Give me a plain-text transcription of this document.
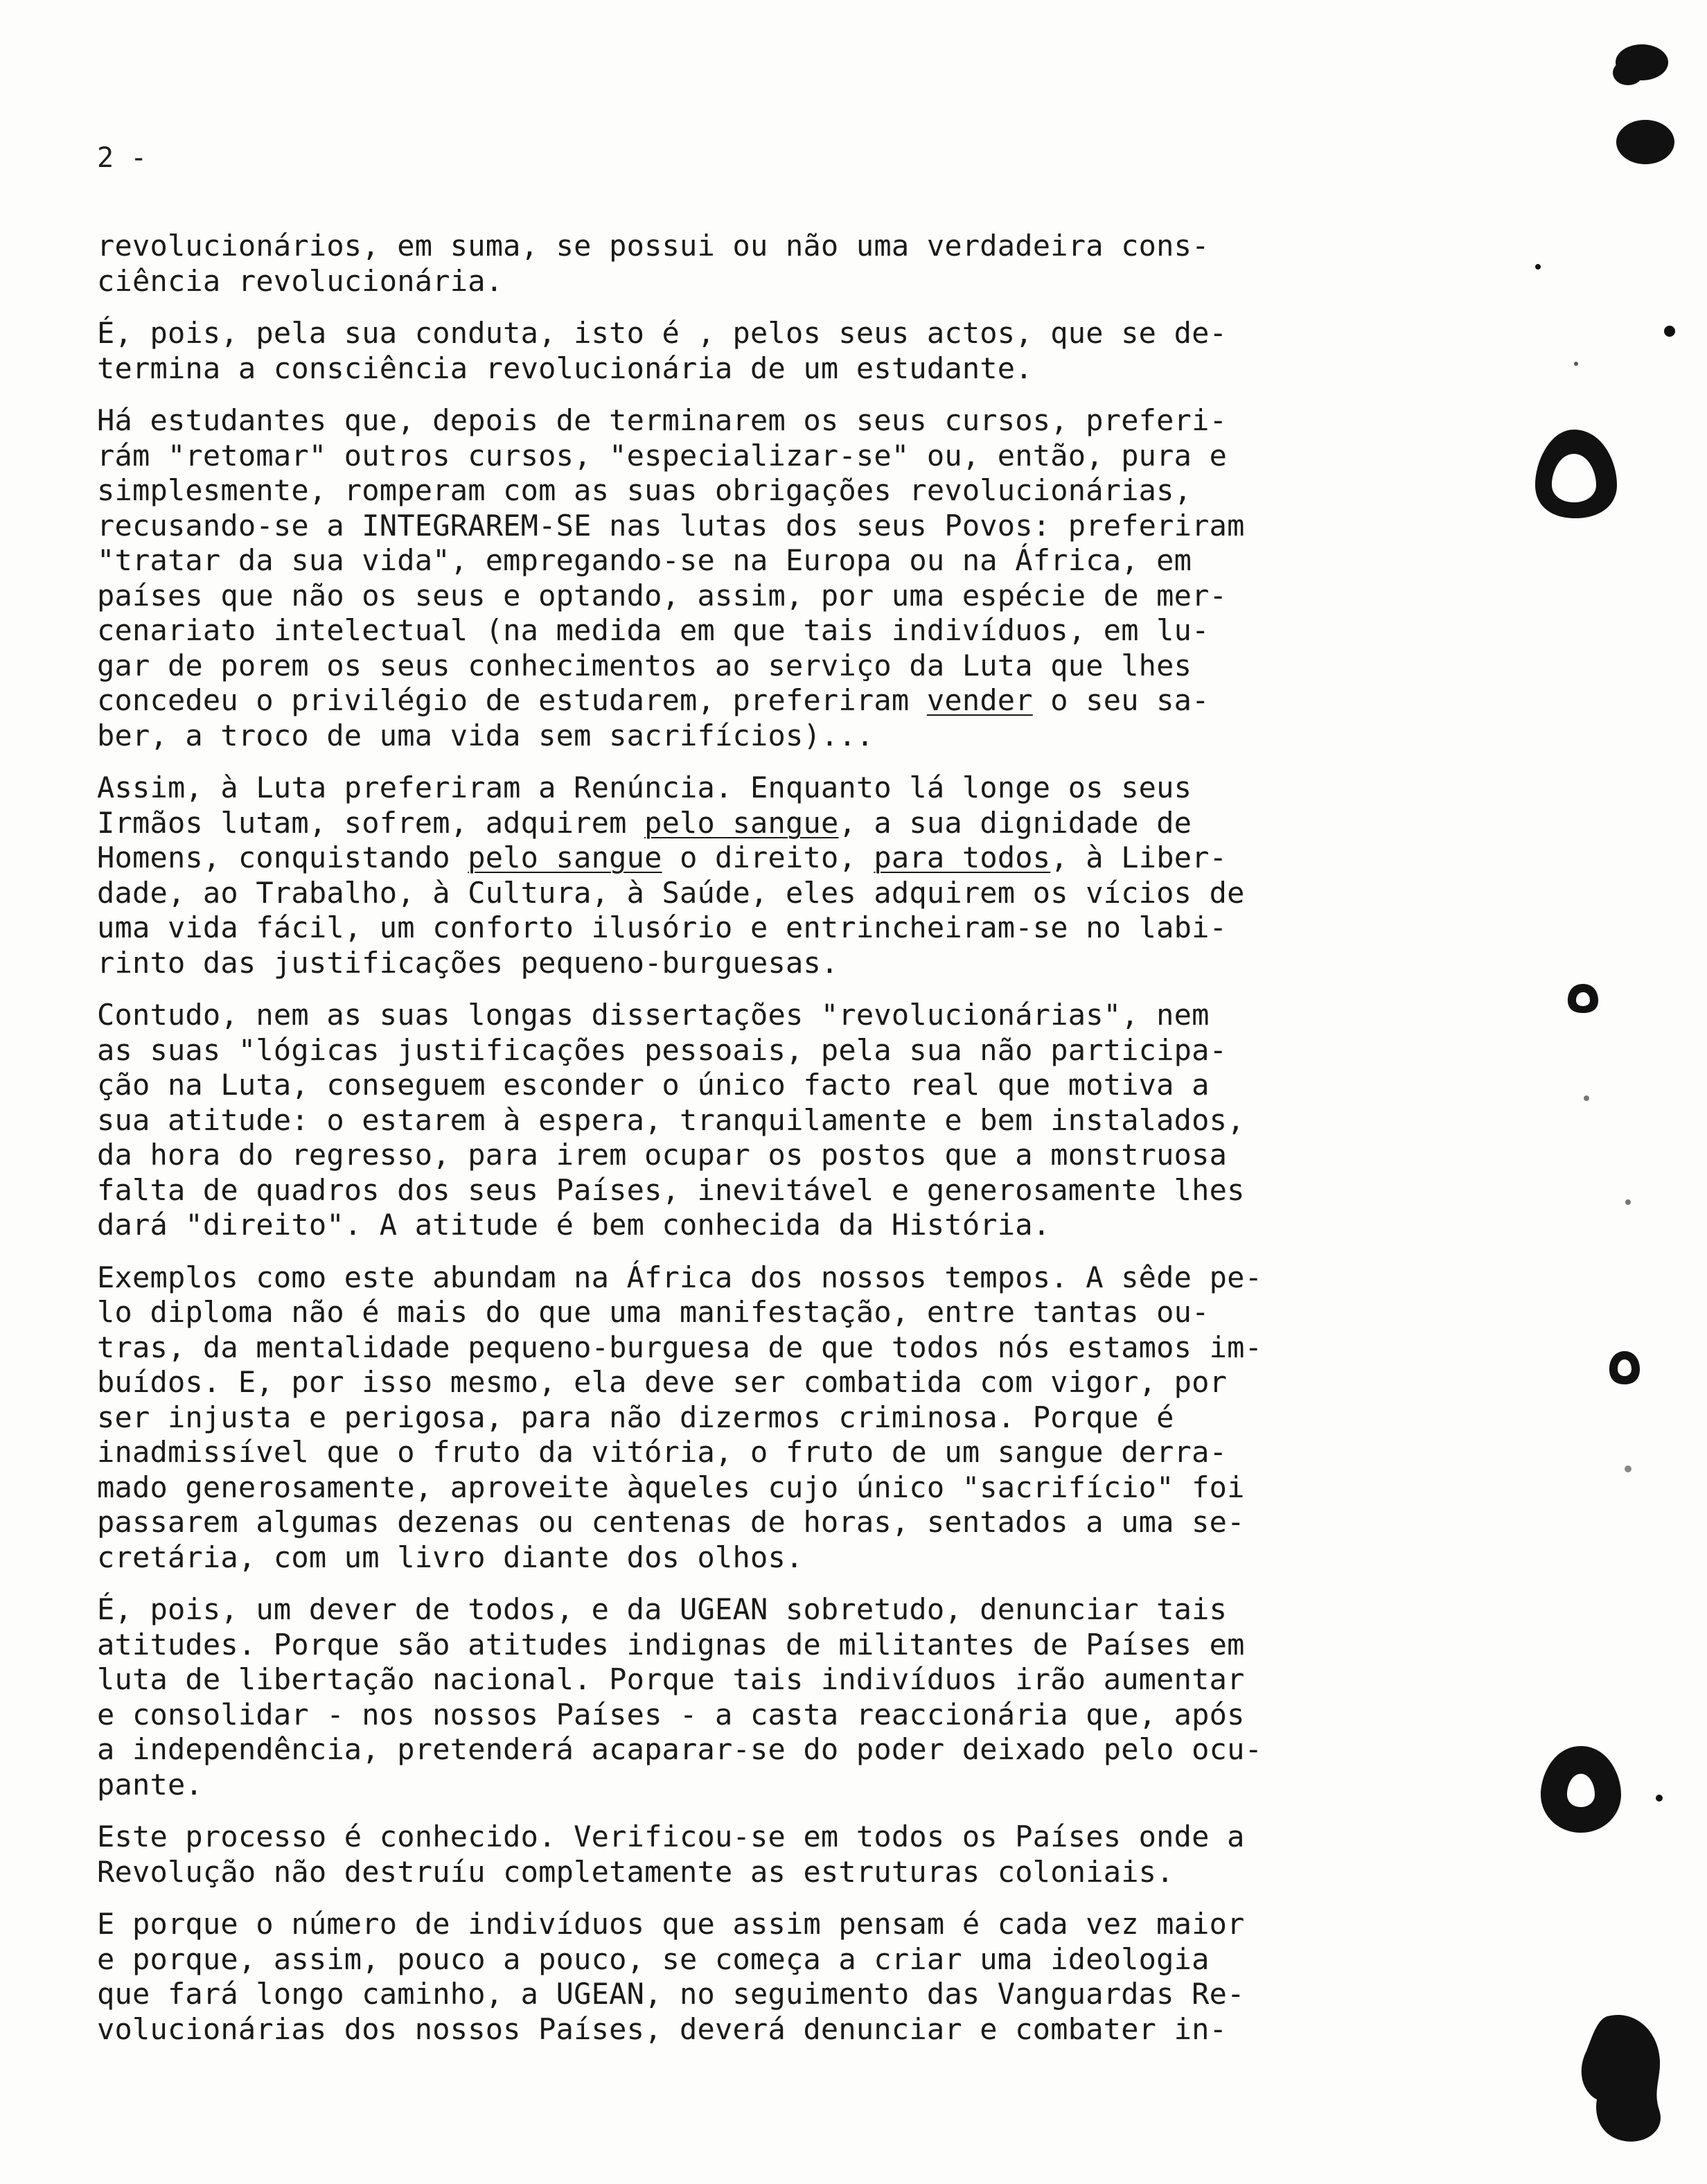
2 -
revolucionários, em suma, se possui ou não uma verdadeira cons-
ciência revolucionária.
É, pois, pela sua conduta, isto é , pelos seus actos, que se de-
termina a consciência revolucionária de um estudante.
Há estudantes que, depois de terminarem os seus cursos, preferi-
rám "retomar" outros cursos, "especializar-se" ou, então, pura e
simplesmente, romperam com as suas obrigações revolucionárias,
recusando-se a INTEGRAREM-SE nas lutas dos seus Povos: preferiram
"tratar da sua vida", empregando-se na Europa ou na África, em
países que não os seus e optando, assim, por uma espécie de mer-
cenariato intelectual (na medida em que tais indivíduos, em lu-
gar de porem os seus conhecimentos ao serviço da Luta que lhes
concedeu o privilégio de estudarem, preferiram vender o seu sa-
ber, a troco de uma vida sem sacrifícios)...
Assim, à Luta preferiram a Renúncia. Enquanto lá longe os seus
Irmãos lutam, sofrem, adquirem pelo sangue, a sua dignidade de
Homens, conquistando pelo sangue o direito, para todos, à Liber-
dade, ao Trabalho, à Cultura, à Saúde, eles adquirem os vícios de
uma vida fácil, um conforto ilusório e entrincheiram-se no labi-
rinto das justificações pequeno-burguesas.
Contudo, nem as suas longas dissertações "revolucionárias", nem
as suas "lógicas justificações pessoais, pela sua não participa-
ção na Luta, conseguem esconder o único facto real que motiva a
sua atitude: o estarem à espera, tranquilamente e bem instalados,
da hora do regresso, para irem ocupar os postos que a monstruosa
falta de quadros dos seus Países, inevitável e generosamente lhes
dará "direito". A atitude é bem conhecida da História.
Exemplos como este abundam na África dos nossos tempos. A sêde pe-
lo diploma não é mais do que uma manifestação, entre tantas ou-
tras, da mentalidade pequeno-burguesa de que todos nós estamos im-
buídos. E, por isso mesmo, ela deve ser combatida com vigor, por
ser injusta e perigosa, para não dizermos criminosa. Porque é
inadmissível que o fruto da vitória, o fruto de um sangue derra-
mado generosamente, aproveite àqueles cujo único "sacrifício" foi
passarem algumas dezenas ou centenas de horas, sentados a uma se-
cretária, com um livro diante dos olhos.
É, pois, um dever de todos, e da UGEAN sobretudo, denunciar tais
atitudes. Porque são atitudes indignas de militantes de Países em
luta de libertação nacional. Porque tais indivíduos irão aumentar
e consolidar - nos nossos Países - a casta reaccionária que, após
a independência, pretenderá acaparar-se do poder deixado pelo ocu-
pante.
Este processo é conhecido. Verificou-se em todos os Países onde a
Revolução não destruíu completamente as estruturas coloniais.
E porque o número de indivíduos que assim pensam é cada vez maior
e porque, assim, pouco a pouco, se começa a criar uma ideologia
que fará longo caminho, a UGEAN, no seguimento das Vanguardas Re-
volucionárias dos nossos Países, deverá denunciar e combater in-
